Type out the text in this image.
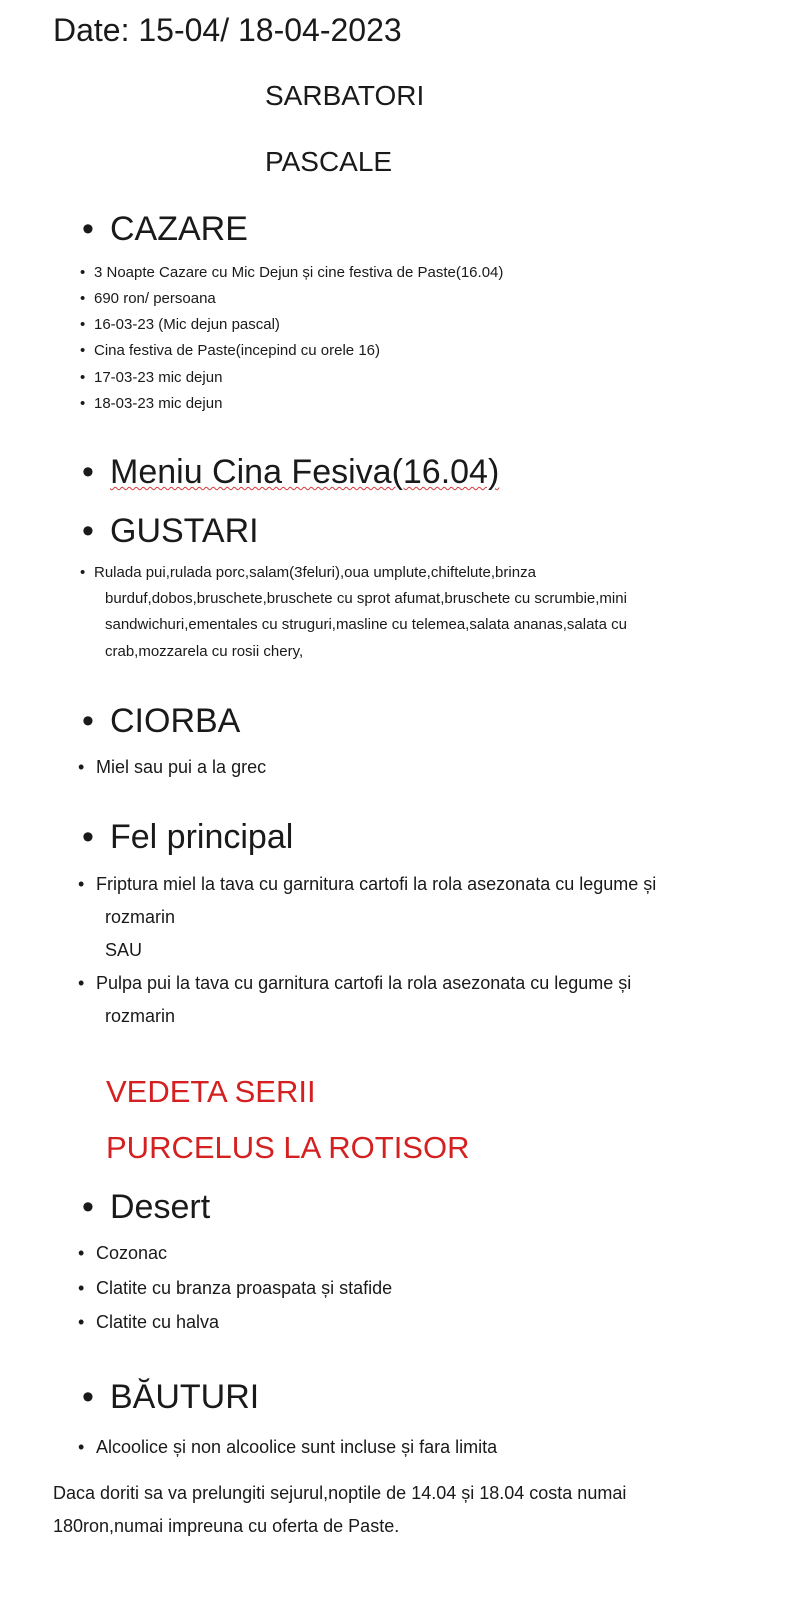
Date: 15-04/ 18-04-2023
SARBATORI
PASCALE
• CAZARE
• 3 Noapte Cazare cu Mic Dejun și cine festiva de Paste(16.04)
• 690 ron/ persoana
• 16-03-23 (Mic dejun pascal)
• Cina festiva de Paste(incepind cu orele 16)
• 17-03-23 mic dejun
• 18-03-23 mic dejun
• Meniu Cina Fesiva(16.04)
• GUSTARI
• Rulada pui,rulada porc,salam(3feluri),oua umplute,chiftelute,brinza
burduf,dobos,bruschete,bruschete cu sprot afumat,bruschete cu scrumbie,mini
sandwichuri,ementales cu struguri,masline cu telemea,salata ananas,salata cu
crab,mozzarela cu rosii chery,
• CIORBA
• Miel sau pui a la grec
• Fel principal
• Friptura miel la tava cu garnitura cartofi la rola asezonata cu legume și
rozmarin
SAU
• Pulpa pui la tava cu garnitura cartofi la rola asezonata cu legume și
rozmarin
VEDETA SERII
PURCELUS LA ROTISOR
• Desert
• Cozonac
• Clatite cu branza proaspata și stafide
• Clatite cu halva
• BĂUTURI
• Alcoolice și non alcoolice sunt incluse și fara limita
Daca doriti sa va prelungiti sejurul,noptile de 14.04 și 18.04 costa numai
180ron,numai impreuna cu oferta de Paste.
